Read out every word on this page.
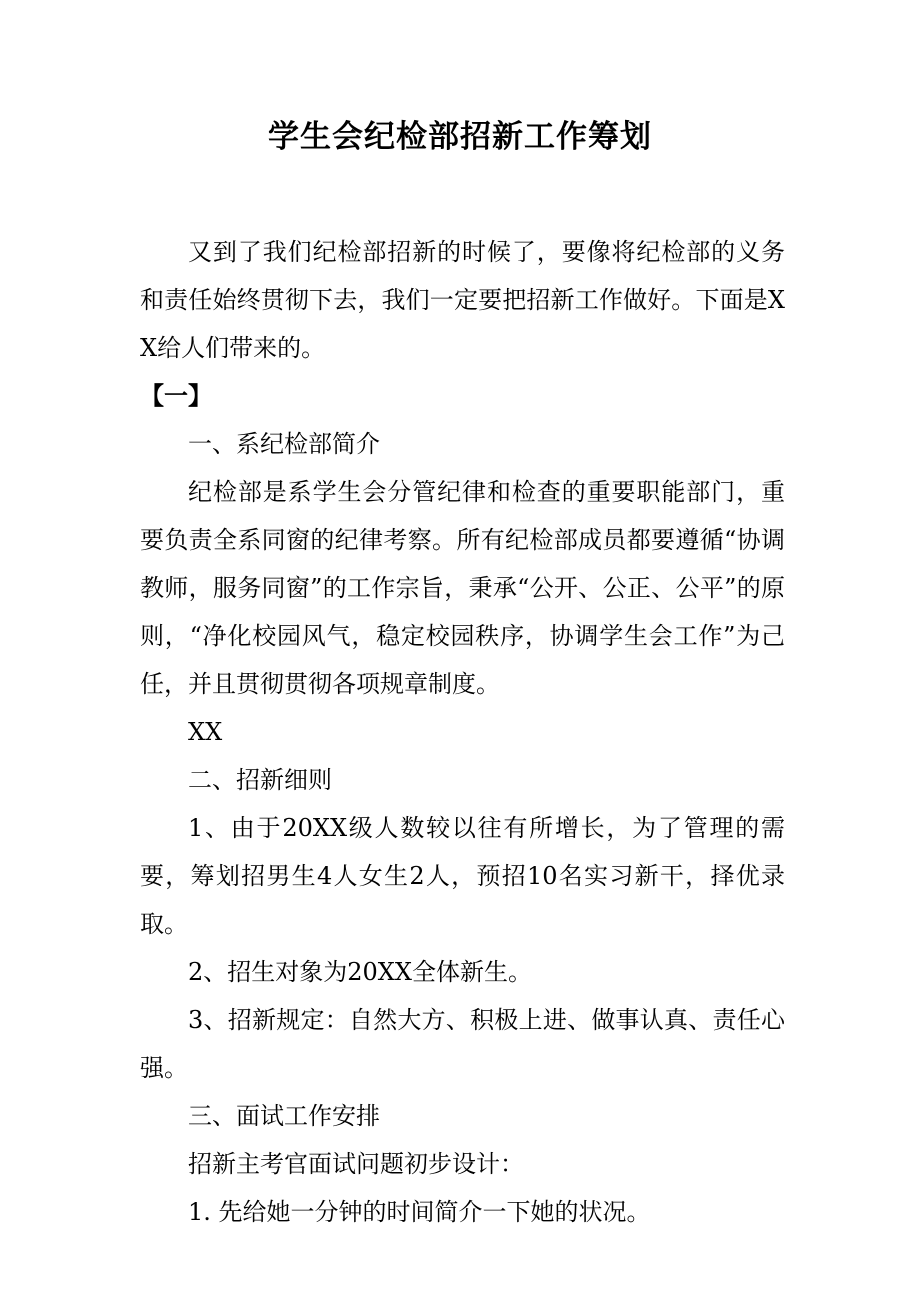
学生会纪检部招新工作筹划

又到了我们纪检部招新的时候了，要像将纪检部的义务和责任始终贯彻下去，我们一定要把招新工作做好。下面是XX给人们带来的。

【一】

一、系纪检部简介

纪检部是系学生会分管纪律和检查的重要职能部门，重要负责全系同窗的纪律考察。所有纪检部成员都要遵循“协调教师，服务同窗”的工作宗旨，秉承“公开、公正、公平”的原则，“净化校园风气，稳定校园秩序，协调学生会工作”为己任，并且贯彻贯彻各项规章制度。

XX

二、招新细则

1、由于20XX级人数较以往有所增长，为了管理的需要，筹划招男生4人女生2人，预招10名实习新干，择优录取。

2、招生对象为20XX全体新生。

3、招新规定：自然大方、积极上进、做事认真、责任心强。

三、面试工作安排

招新主考官面试问题初步设计：

1. 先给她一分钟的时间简介一下她的状况。
